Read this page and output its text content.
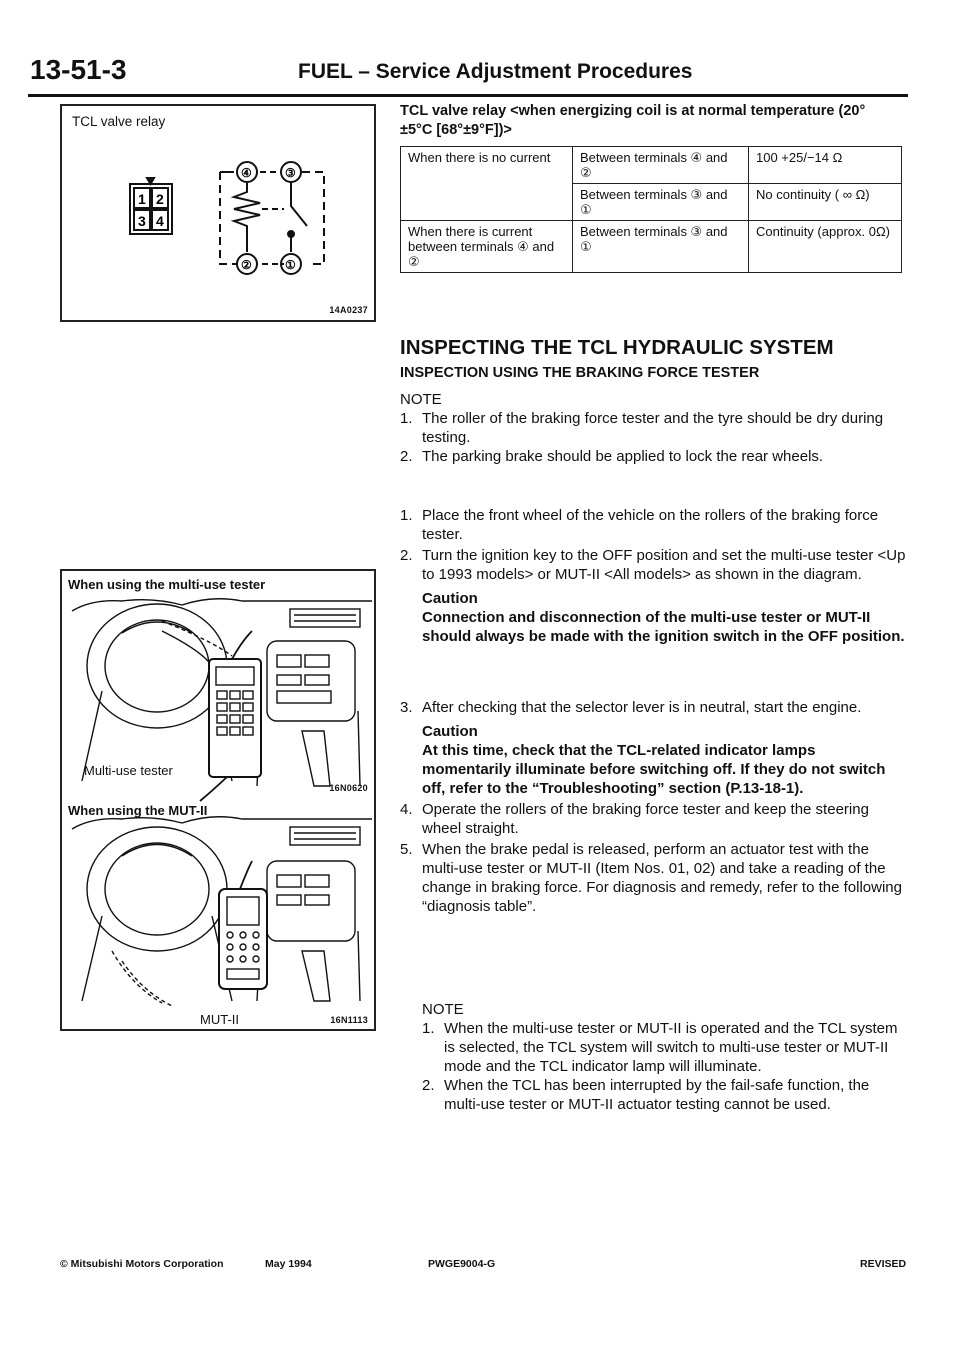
13-51-3	FUEL – Service Adjustment Procedures
TCL valve relay
1 2
3 4
④	③
②	①
14A0237
TCL valve relay <when energizing coil is at normal temperature (20°±5°C [68°±9°F])>
When there is no current	Between terminals ④ and ②	100 +25/−14 Ω
	Between terminals ③ and ①	No continuity ( ∞ Ω)
When there is current between terminals ④ and ②	Between terminals ③ and ①	Continuity (approx. 0Ω)
When using the multi-use tester
Multi-use tester
16N0620
When using the MUT-II
MUT-II	16N1113
INSPECTING THE TCL HYDRAULIC SYSTEM
INSPECTION USING THE BRAKING FORCE TESTER
NOTE
1. The roller of the braking force tester and the tyre should be dry during testing.
2. The parking brake should be applied to lock the rear wheels.
1. Place the front wheel of the vehicle on the rollers of the braking force tester.
2. Turn the ignition key to the OFF position and set the multi-use tester <Up to 1993 models> or MUT-II <All models> as shown in the diagram.
Caution
Connection and disconnection of the multi-use tester or MUT-II should always be made with the ignition switch in the OFF position.
3. After checking that the selector lever is in neutral, start the engine.
Caution
At this time, check that the TCL-related indicator lamps momentarily illuminate before switching off. If they do not switch off, refer to the “Troubleshooting” section (P.13-18-1).
4. Operate the rollers of the braking force tester and keep the steering wheel straight.
5. When the brake pedal is released, perform an actuator test with the multi-use tester or MUT-II (Item Nos. 01, 02) and take a reading of the change in braking force. For diagnosis and remedy, refer to the following “diagnosis table”.
NOTE
1. When the multi-use tester or MUT-II is operated and the TCL system is selected, the TCL system will switch to multi-use tester or MUT-II mode and the TCL indicator lamp will illuminate.
2. When the TCL has been interrupted by the fail-safe function, the multi-use tester or MUT-II actuator testing cannot be used.
© Mitsubishi Motors Corporation	May 1994	PWGE9004-G	REVISED
